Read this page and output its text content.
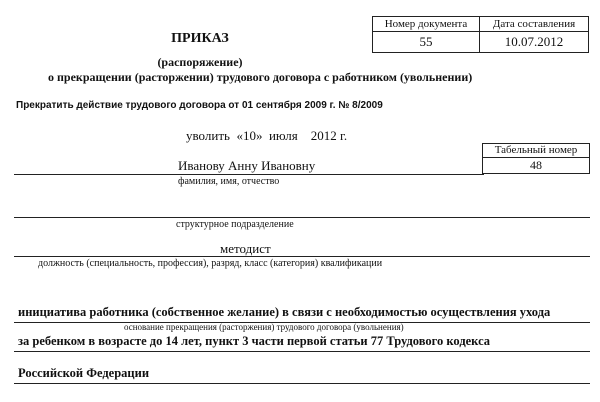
Номер документа	Дата составления
55	10.07.2012
ПРИКАЗ
(распоряжение)
о прекращении (расторжении) трудового договора с работником (увольнении)
Прекратить действие трудового договора от 01 сентября 2009 г. № 8/2009
уволить «10» июля 2012 г.
Табельный номер
48
Иванову Анну Ивановну
фамилия, имя, отчество
структурное подразделение
методист
должность (специальность, профессия), разряд, класс (категория) квалификации
инициатива работника (собственное желание) в связи с необходимостью осуществления ухода
основание прекращения (расторжения) трудового договора (увольнения)
за ребенком в возрасте до 14 лет, пункт 3 части первой статьи 77 Трудового кодекса
Российской Федерации
